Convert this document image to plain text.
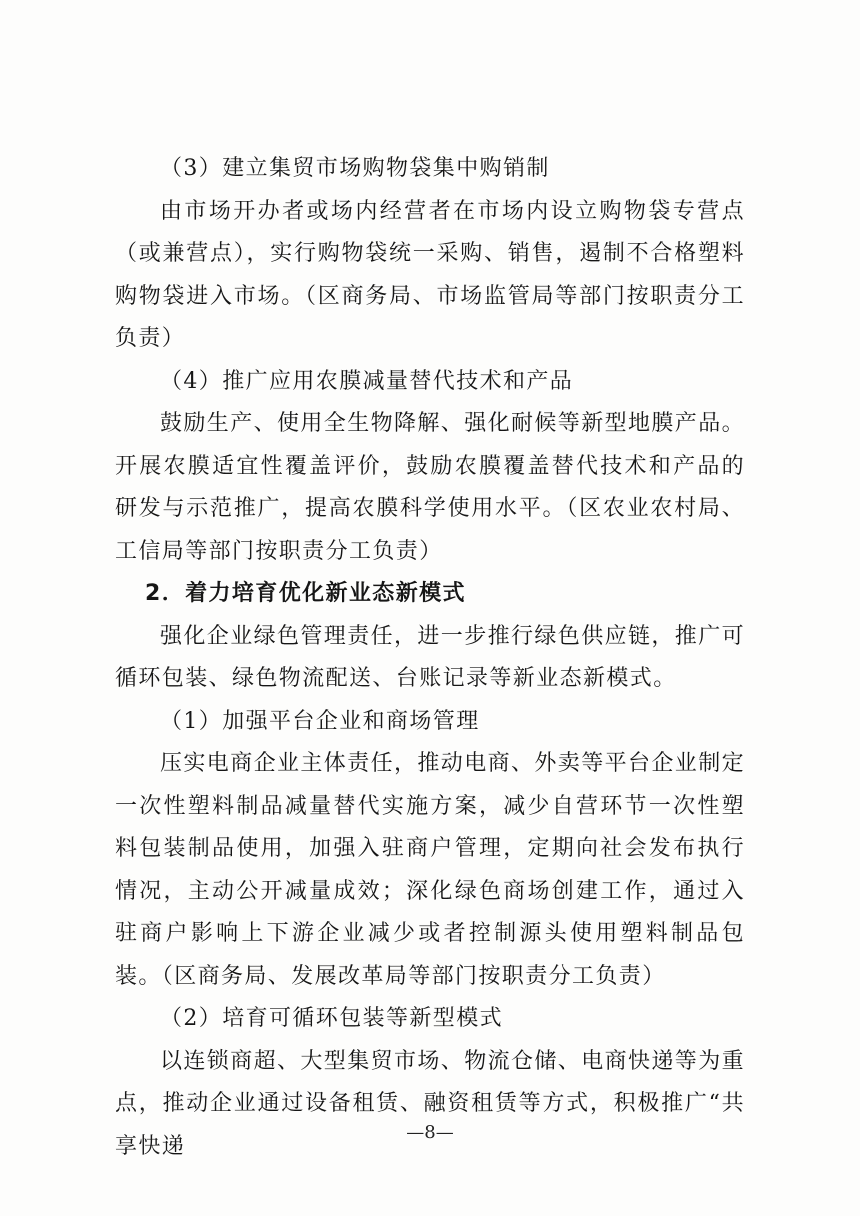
（3）建立集贸市场购物袋集中购销制

由市场开办者或场内经营者在市场内设立购物袋专营点（或兼营点），实行购物袋统一采购、销售，遏制不合格塑料购物袋进入市场。（区商务局、市场监管局等部门按职责分工负责）

（4）推广应用农膜减量替代技术和产品

鼓励生产、使用全生物降解、强化耐候等新型地膜产品。开展农膜适宜性覆盖评价，鼓励农膜覆盖替代技术和产品的研发与示范推广，提高农膜科学使用水平。（区农业农村局、工信局等部门按职责分工负责）

2．着力培育优化新业态新模式

强化企业绿色管理责任，进一步推行绿色供应链，推广可循环包装、绿色物流配送、台账记录等新业态新模式。

（1）加强平台企业和商场管理

压实电商企业主体责任，推动电商、外卖等平台企业制定一次性塑料制品减量替代实施方案，减少自营环节一次性塑料包装制品使用，加强入驻商户管理，定期向社会发布执行情况，主动公开减量成效；深化绿色商场创建工作，通过入驻商户影响上下游企业减少或者控制源头使用塑料制品包装。（区商务局、发展改革局等部门按职责分工负责）

（2）培育可循环包装等新型模式

以连锁商超、大型集贸市场、物流仓储、电商快递等为重点，推动企业通过设备租赁、融资租赁等方式，积极推广“共享快递

—8—
